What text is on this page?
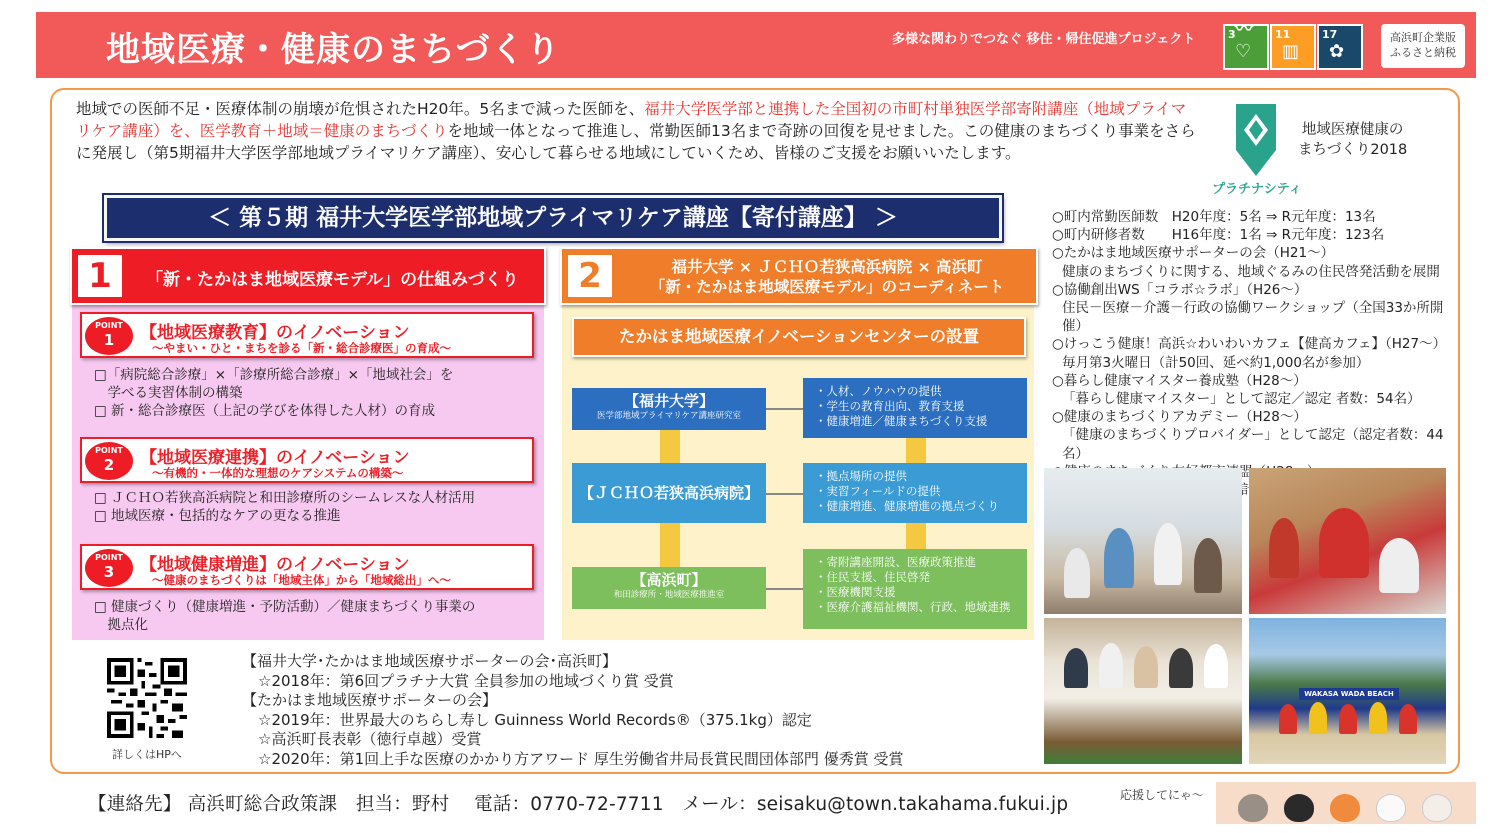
地域医療・健康のまちづくり	多様な関わりでつなぐ 移住・帰住促進プロジェクト	3 〰♡
11
▥
17
✿
高浜町企業版
ふるさと納税
地域での医師不足・医療体制の崩壊が危惧されたH20年。5名まで減った医師を、福井大学医学部と連携した全国初の市町村単独医学部寄附講座（地域プライマリケア講座）を、医学教育＋地域＝健康のまちづくりを地域一体となって推進し、常勤医師13名まで奇跡の回復を見せました。この健康のまちづくり事業をさらに発展し（第5期福井大学医学部地域プライマリケア講座）、安心して暮らせる地域にしていくため、皆様のご支援をお願いいたします。
プラチナシティ
地域医療健康の
まちづくり2018
＜ 第５期 福井大学医学部地域プライマリケア講座【寄付講座】 ＞
1	「新・たかはま地域医療モデル」の仕組みづくり
POINT
1	【地域医療教育】のイノベーション
～やまい・ひと・まちを診る「新・総合診療医」の育成～
□「病院総合診療」×「診療所総合診療」×「地域社会」を
　学べる実習体制の構築
□ 新・総合診療医（上記の学びを体得した人材）の育成
POINT
2	【地域医療連携】のイノベーション
～有機的・一体的な理想のケアシステムの構築～
□ ＪＣＨＯ若狭高浜病院と和田診療所のシームレスな人材活用
□ 地域医療・包括的なケアの更なる推進
POINT
3	【地域健康増進】のイノベーション
～健康のまちづくりは「地域主体」から「地域総出」へ～
□ 健康づくり（健康増進・予防活動）／健康まちづくり事業の
　拠点化
2	福井大学 × ＪＣＨＯ若狭高浜病院 × 高浜町
「新・たかはま地域医療モデル」のコーディネート
たかはま地域医療イノベーションセンターの設置
【福井大学】
医学部地域プライマリケア講座研究室
【ＪＣＨＯ若狭高浜病院】
【高浜町】
和田診療所・地域医療推進室
・人材、ノウハウの提供
・学生の教育出向、教育支援
・健康増進／健康まちづくり支援
・拠点場所の提供
・実習フィールドの提供
・健康増進、健康増進の拠点づくり
・寄附講座開設、医療政策推進
・住民支援、住民啓発
・医療機関支援
・医療介護福祉機関、行政、地域連携
○町内常勤医師数　H20年度：5名 ⇒ R元年度：13名
○町内研修者数　　H16年度：1名 ⇒ R元年度：123名
○たかはま地域医療サポーターの会（H21～）
健康のまちづくりに関する、地域ぐるみの住民啓発活動を展開
○協働創出WS「コラボ☆ラボ」（H26～）
住民－医療－介護－行政の協働ワークショップ（全国33か所開催）
○けっこう健康！高浜☆わいわいカフェ【健高カフェ】（H27～）
毎月第3火曜日（計50回、延べ約1,000名が参加）
○暮らし健康マイスター養成塾（H28～）
「暮らし健康マイスター」として認定／認定 者数：54名）
○健康のまちづくりアカデミー（H28～）
「健康のまちづくりプロバイダー」として認定（認定者数：44名）
WAKASA WADA BEACH
詳しくはHPへ
【福井大学･たかはま地域医療サポーターの会･高浜町】
☆2018年：第6回プラチナ大賞 全員参加の地域づくり賞 受賞
【たかはま地域医療サポーターの会】
☆2019年：世界最大のちらし寿し Guinness World Records®（375.1kg）認定
☆高浜町長表彰（徳行卓越）受賞
☆2020年：第1回上手な医療のかかり方アワード 厚生労働省井局長賞民間団体部門 優秀賞 受賞
【連絡先】 高浜町総合政策課　担当：野村　 電話：0770-72-7711　メール：seisaku@town.takahama.fukui.jp	応援してにゃ～
